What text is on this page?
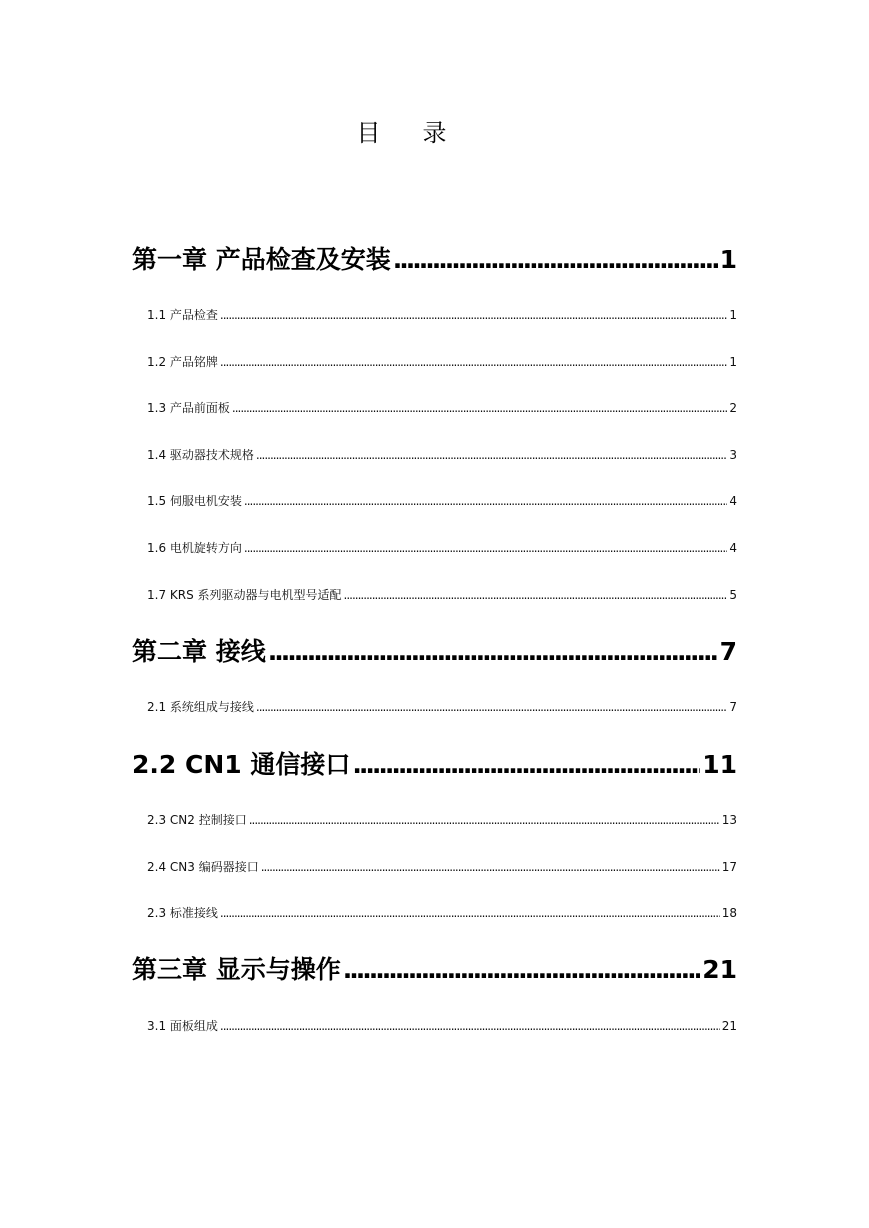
目 录
第一章 产品检查及安装 .....	1
1.1 产品检查 .....	1
1.2 产品铭牌 .....	1
1.3 产品前面板 .....	2
1.4 驱动器技术规格 .....	3
1.5 伺服电机安装 .....	4
1.6 电机旋转方向 .....	4
1.7 KRS 系列驱动器与电机型号适配 .....	5
第二章 接线 .....	7
2.1 系统组成与接线 .....	7
2.2 CN1 通信接口 .....	11
2.3 CN2 控制接口 .....	13
2.4 CN3 编码器接口 .....	17
2.3 标准接线 .....	18
第三章 显示与操作 .....	21
3.1 面板组成 .....	21
